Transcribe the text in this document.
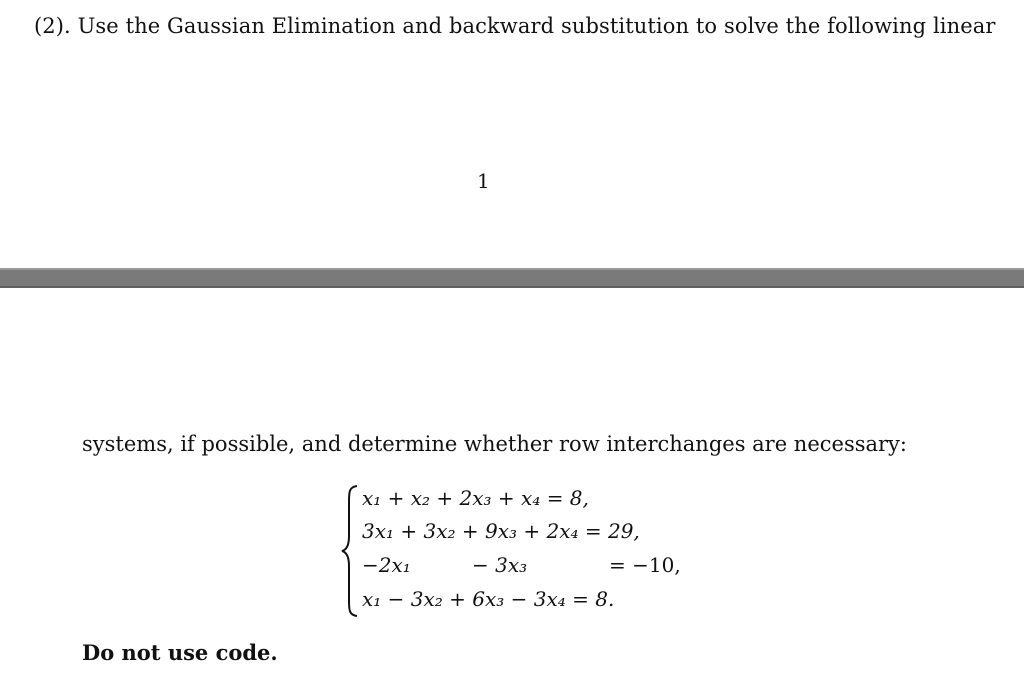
(2). Use the Gaussian Elimination and backward substitution to solve the following linear
1
systems, if possible, and determine whether row interchanges are necessary:
x₁ + x₂ + 2x₃ + x₄ = 8,
3x₁ + 3x₂ + 9x₃ + 2x₄ = 29,
−2x₁	− 3x₃	= −10,
x₁ − 3x₂ + 6x₃ − 3x₄ = 8.
Do not use code.
